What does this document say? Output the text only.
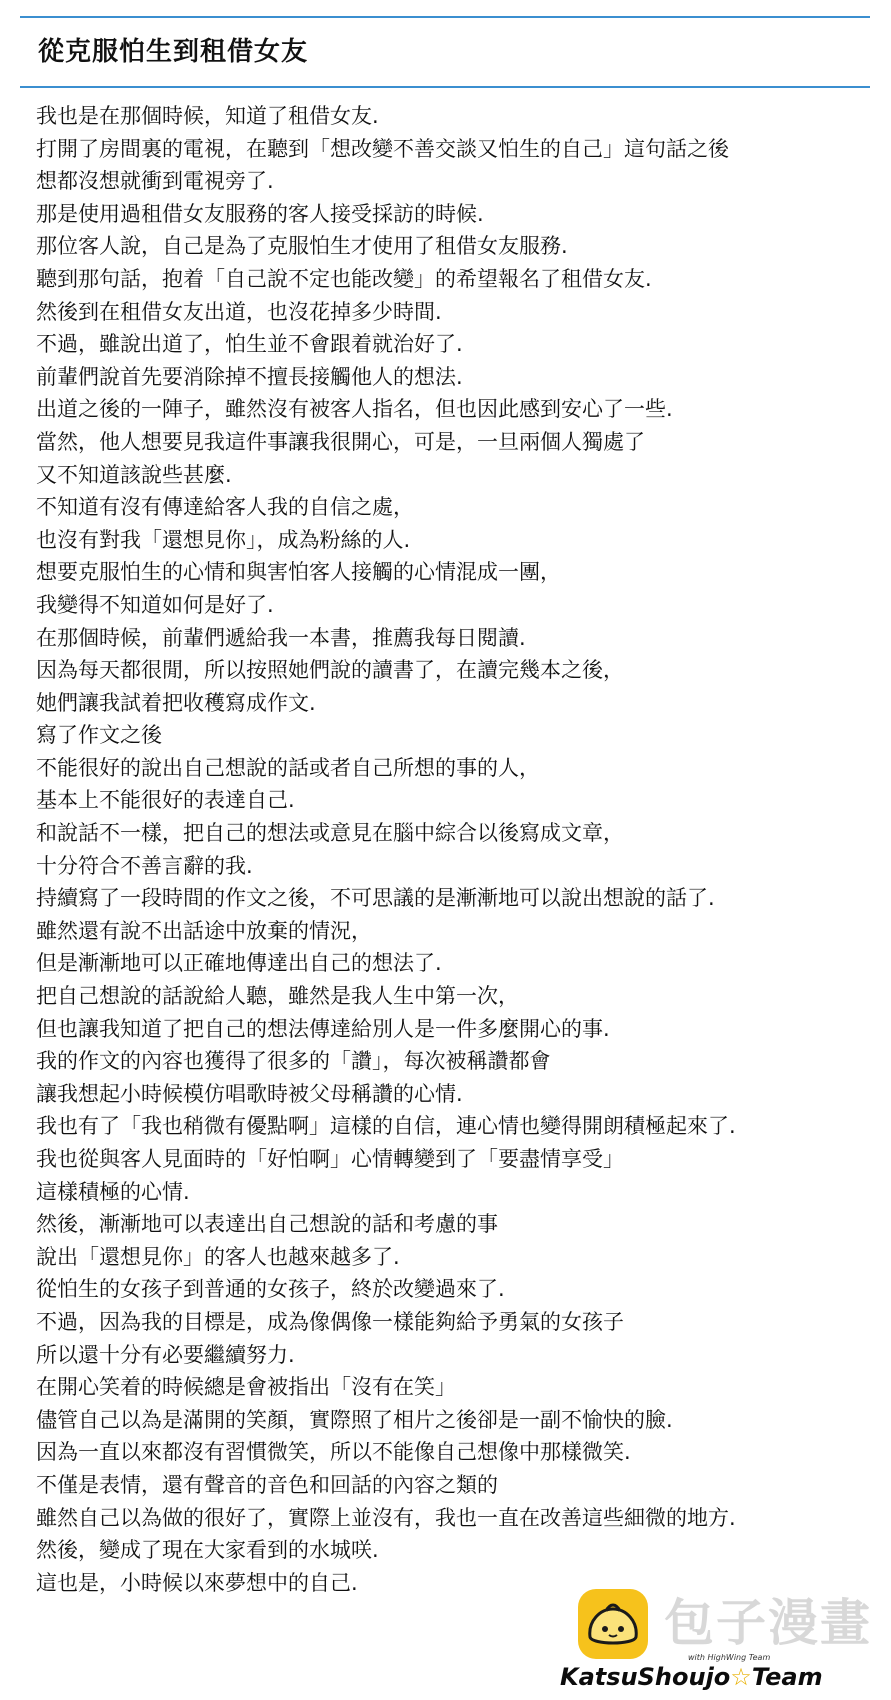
從克服怕生到租借女友
我也是在那個時候，知道了租借女友.
打開了房間裏的電視，在聽到「想改變不善交談又怕生的自己」這句話之後
想都沒想就衝到電視旁了.
那是使用過租借女友服務的客人接受採訪的時候.
那位客人說，自己是為了克服怕生才使用了租借女友服務.
聽到那句話，抱着「自己說不定也能改變」的希望報名了租借女友.
然後到在租借女友出道，也沒花掉多少時間.
不過，雖說出道了，怕生並不會跟着就治好了.
前輩們說首先要消除掉不擅長接觸他人的想法.
出道之後的一陣子，雖然沒有被客人指名，但也因此感到安心了一些.
當然，他人想要見我這件事讓我很開心，可是，一旦兩個人獨處了
又不知道該說些甚麼.
不知道有沒有傳達給客人我的自信之處，
也沒有對我「還想見你」，成為粉絲的人.
想要克服怕生的心情和與害怕客人接觸的心情混成一團，
我變得不知道如何是好了.
在那個時候，前輩們遞給我一本書，推薦我每日閱讀.
因為每天都很閒，所以按照她們說的讀書了，在讀完幾本之後，
她們讓我試着把收穫寫成作文.
寫了作文之後
不能很好的說出自己想說的話或者自己所想的事的人，
基本上不能很好的表達自己.
和說話不一樣，把自己的想法或意見在腦中綜合以後寫成文章，
十分符合不善言辭的我.
持續寫了一段時間的作文之後，不可思議的是漸漸地可以說出想說的話了.
雖然還有說不出話途中放棄的情況，
但是漸漸地可以正確地傳達出自己的想法了.
把自己想說的話說給人聽，雖然是我人生中第一次，
但也讓我知道了把自己的想法傳達給別人是一件多麼開心的事.
我的作文的內容也獲得了很多的「讚」，每次被稱讚都會
讓我想起小時候模仿唱歌時被父母稱讚的心情.
我也有了「我也稍微有優點啊」這樣的自信，連心情也變得開朗積極起來了.
我也從與客人見面時的「好怕啊」心情轉變到了「要盡情享受」
這樣積極的心情.
然後，漸漸地可以表達出自己想說的話和考慮的事
說出「還想見你」的客人也越來越多了.
從怕生的女孩子到普通的女孩子，終於改變過來了.
不過，因為我的目標是，成為像偶像一樣能夠給予勇氣的女孩子
所以還十分有必要繼續努力.
在開心笑着的時候總是會被指出「沒有在笑」
儘管自己以為是滿開的笑顏，實際照了相片之後卻是一副不愉快的臉.
因為一直以來都沒有習慣微笑，所以不能像自己想像中那樣微笑.
不僅是表情，還有聲音的音色和回話的內容之類的
雖然自己以為做的很好了，實際上並沒有，我也一直在改善這些細微的地方.
然後，變成了現在大家看到的水城咲.
這也是，小時候以來夢想中的自己.
包子漫畫
with HighWing Team
KatsuShoujo☆Team
